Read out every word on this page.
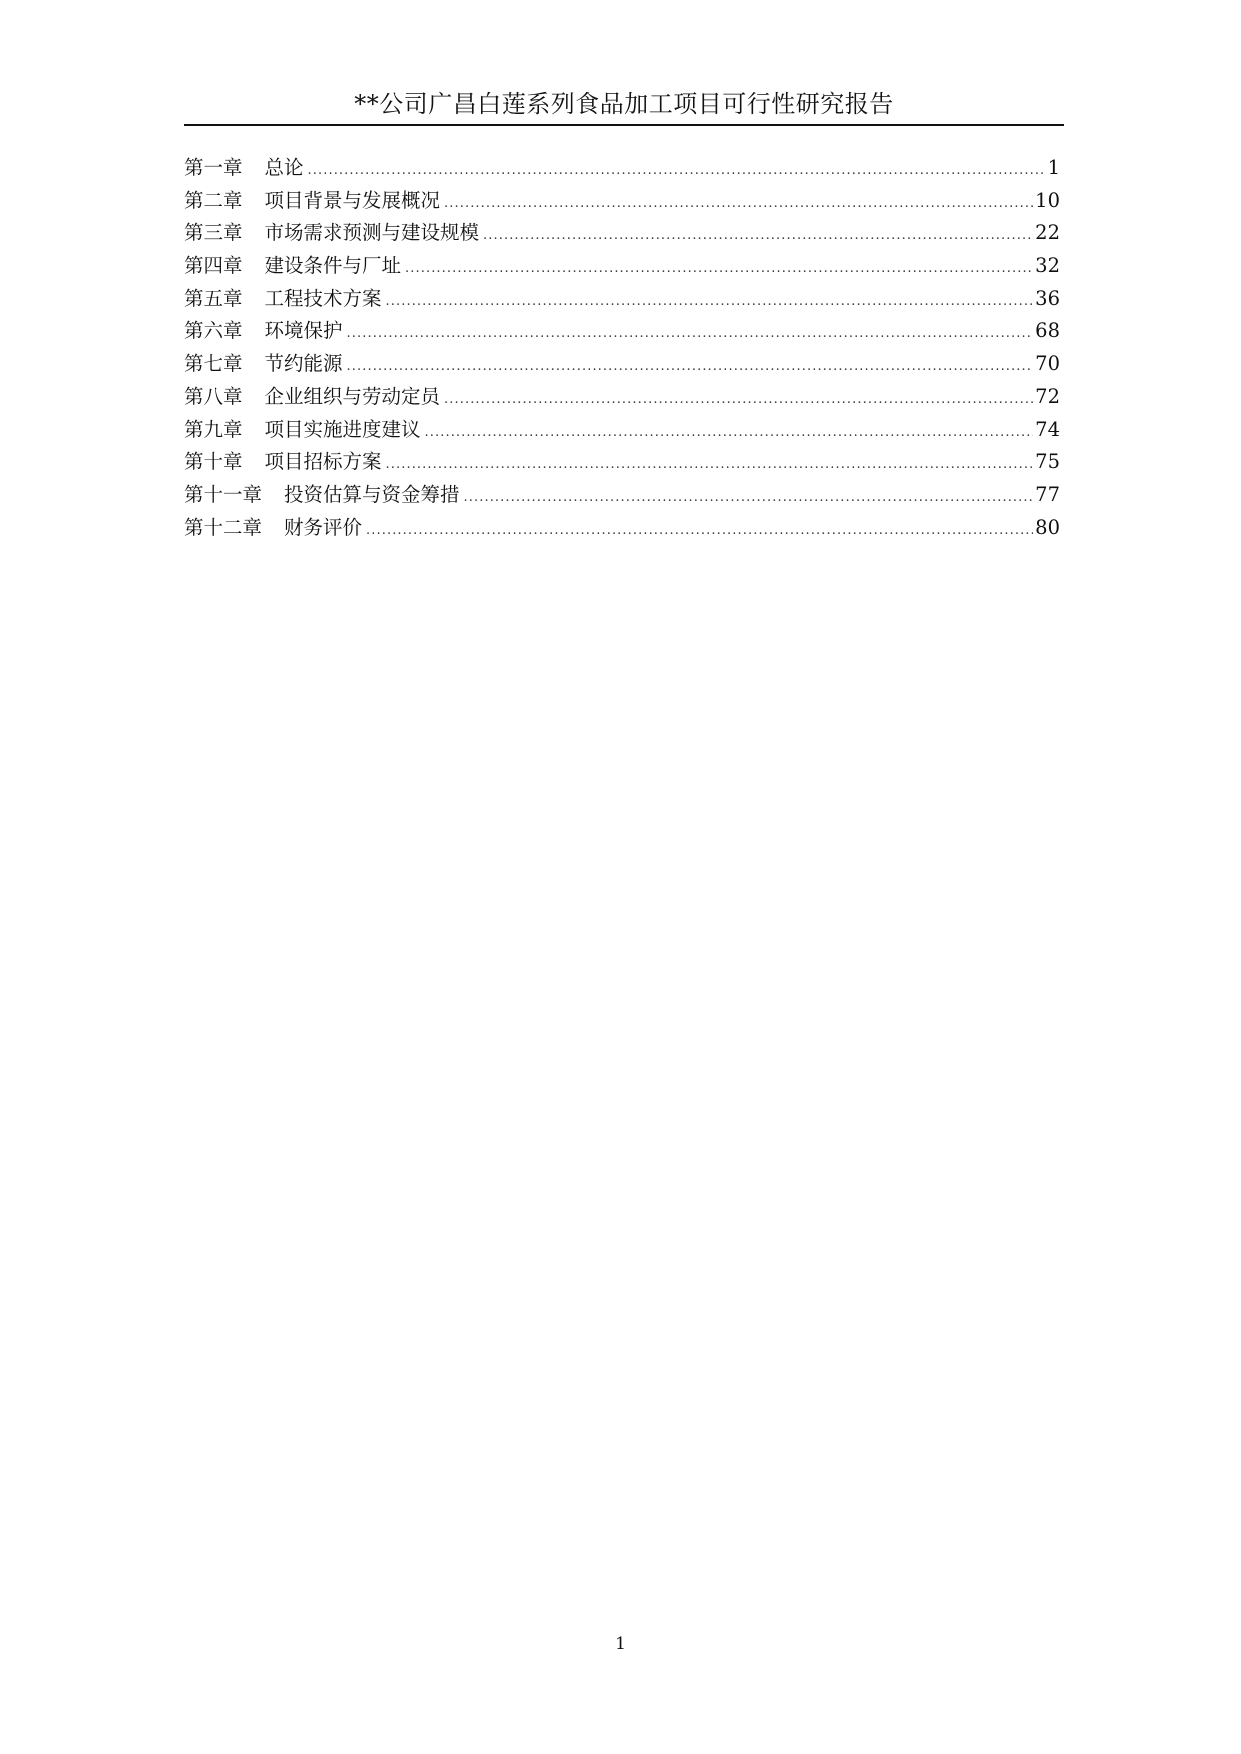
**公司广昌白莲系列食品加工项目可行性研究报告
第一章	总论 .....	1
第二章	项目背景与发展概况 .....	10
第三章	市场需求预测与建设规模 .....	22
第四章	建设条件与厂址 .....	32
第五章	工程技术方案 .....	36
第六章	环境保护 .....	68
第七章	节约能源 .....	70
第八章	企业组织与劳动定员 .....	72
第九章	项目实施进度建议 .....	74
第十章	项目招标方案 .....	75
第十一章	投资估算与资金筹措 .....	77
第十二章	财务评价 .....	80
1
